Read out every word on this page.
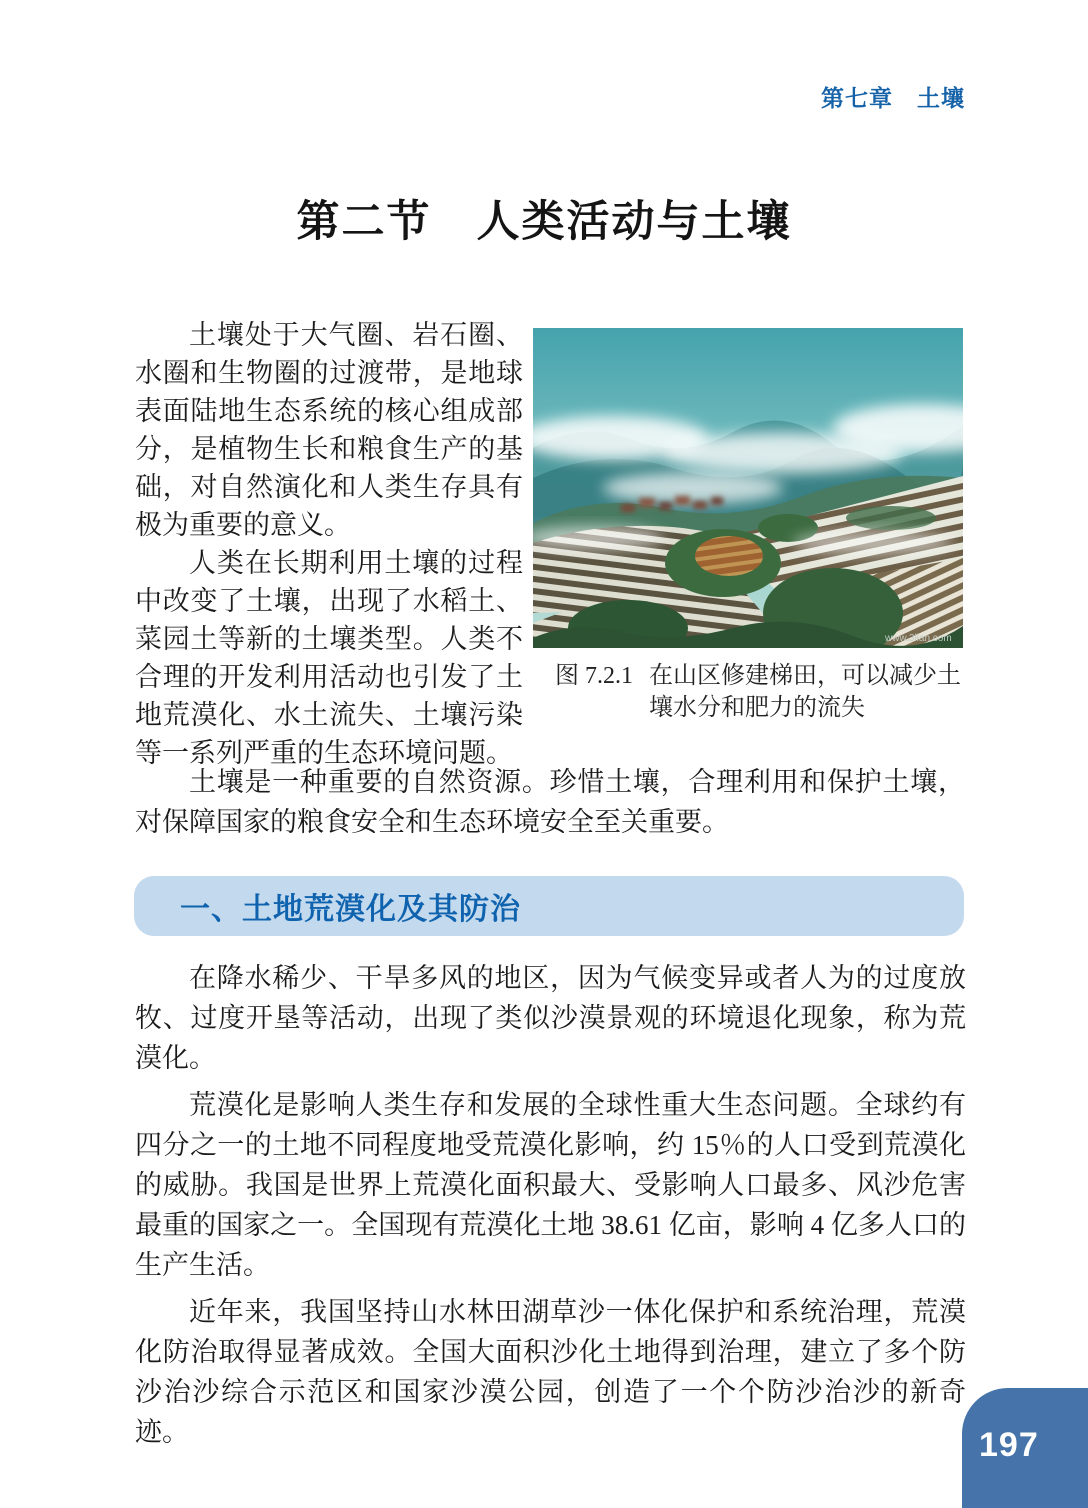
第七章　土壤
第二节　人类活动与土壤

土壤处于大气圈、岩石圈、水圈和生物圈的过渡带，是地球表面陆地生态系统的核心组成部分，是植物生长和粮食生产的基础，对自然演化和人类生存具有极为重要的意义。

人类在长期利用土壤的过程中改变了土壤，出现了水稻土、菜园土等新的土壤类型。人类不合理的开发利用活动也引发了土地荒漠化、水土流失、土壤污染等一系列严重的生态环境问题。

www.3lian.com
图 7.2.1 在山区修建梯田，可以减少土壤水分和肥力的流失

土壤是一种重要的自然资源。珍惜土壤，合理利用和保护土壤，对保障国家的粮食安全和生态环境安全至关重要。

一、土地荒漠化及其防治

在降水稀少、干旱多风的地区，因为气候变异或者人为的过度放牧、过度开垦等活动，出现了类似沙漠景观的环境退化现象，称为荒漠化。

荒漠化是影响人类生存和发展的全球性重大生态问题。全球约有四分之一的土地不同程度地受荒漠化影响，约 15％的人口受到荒漠化的威胁。我国是世界上荒漠化面积最大、受影响人口最多、风沙危害最重的国家之一。全国现有荒漠化土地 38.61 亿亩，影响 4 亿多人口的生产生活。

近年来，我国坚持山水林田湖草沙一体化保护和系统治理，荒漠化防治取得显著成效。全国大面积沙化土地得到治理，建立了多个防沙治沙综合示范区和国家沙漠公园，创造了一个个防沙治沙的新奇迹。	197
